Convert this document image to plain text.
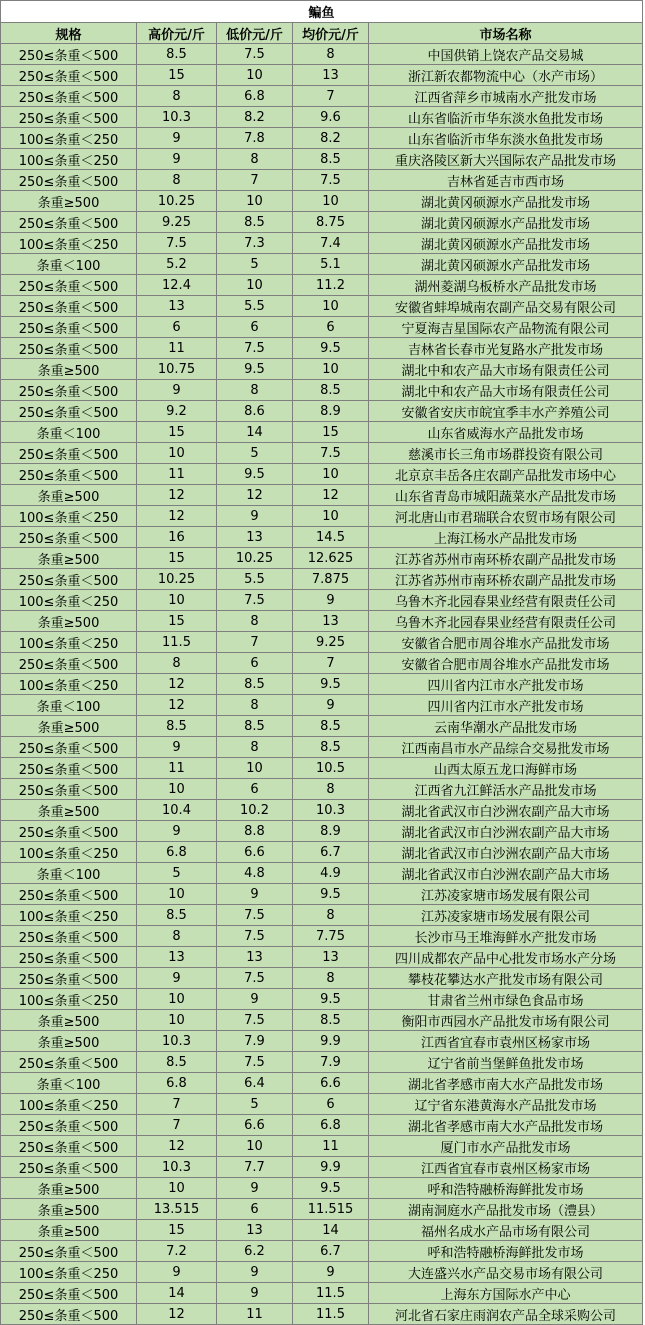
鳊鱼				
规格	高价元/斤	低价元/斤	均价元/斤	市场名称
250≤条重＜500	8.5	7.5	8	中国供销上饶农产品交易城
250≤条重＜500	15	10	13	浙江新农都物流中心（水产市场）
250≤条重＜500	8	6.8	7	江西省萍乡市城南水产批发市场
250≤条重＜500	10.3	8.2	9.6	山东省临沂市华东淡水鱼批发市场
100≤条重＜250	9	7.8	8.2	山东省临沂市华东淡水鱼批发市场
100≤条重＜250	9	8	8.5	重庆洛陵区新大兴国际农产品批发市场
250≤条重＜500	8	7	7.5	吉林省延吉市西市场
条重≥500	10.25	10	10	湖北黄冈硕源水产品批发市场
250≤条重＜500	9.25	8.5	8.75	湖北黄冈硕源水产品批发市场
100≤条重＜250	7.5	7.3	7.4	湖北黄冈硕源水产品批发市场
条重＜100	5.2	5	5.1	湖北黄冈硕源水产品批发市场
250≤条重＜500	12.4	10	11.2	湖州菱湖乌板桥水产品批发市场
250≤条重＜500	13	5.5	10	安徽省蚌埠城南农副产品交易有限公司
250≤条重＜500	6	6	6	宁夏海吉星国际农产品物流有限公司
250≤条重＜500	11	7.5	9.5	吉林省长春市光复路水产批发市场
条重≥500	10.75	9.5	10	湖北中和农产品大市场有限责任公司
250≤条重＜500	9	8	8.5	湖北中和农产品大市场有限责任公司
250≤条重＜500	9.2	8.6	8.9	安徽省安庆市皖宜季丰水产养殖公司
条重＜100	15	14	15	山东省威海水产品批发市场
250≤条重＜500	10	5	7.5	慈溪市长三角市场群投资有限公司
250≤条重＜500	11	9.5	10	北京京丰岳各庄农副产品批发市场中心
条重≥500	12	12	12	山东省青岛市城阳蔬菜水产品批发市场
100≤条重＜250	12	9	10	河北唐山市君瑞联合农贸市场有限公司
250≤条重＜500	16	13	14.5	上海江杨水产品批发市场
条重≥500	15	10.25	12.625	江苏省苏州市南环桥农副产品批发市场
250≤条重＜500	10.25	5.5	7.875	江苏省苏州市南环桥农副产品批发市场
100≤条重＜250	10	7.5	9	乌鲁木齐北园春果业经营有限责任公司
条重≥500	15	8	13	乌鲁木齐北园春果业经营有限责任公司
100≤条重＜250	11.5	7	9.25	安徽省合肥市周谷堆水产品批发市场
250≤条重＜500	8	6	7	安徽省合肥市周谷堆水产品批发市场
100≤条重＜250	12	8.5	9.5	四川省内江市水产批发市场
条重＜100	12	8	9	四川省内江市水产批发市场
条重≥500	8.5	8.5	8.5	云南华潮水产品批发市场
250≤条重＜500	9	8	8.5	江西南昌市水产品综合交易批发市场
250≤条重＜500	11	10	10.5	山西太原五龙口海鲜市场
250≤条重＜500	10	6	8	江西省九江鲜活水产品批发市场
条重≥500	10.4	10.2	10.3	湖北省武汉市白沙洲农副产品大市场
250≤条重＜500	9	8.8	8.9	湖北省武汉市白沙洲农副产品大市场
100≤条重＜250	6.8	6.6	6.7	湖北省武汉市白沙洲农副产品大市场
条重＜100	5	4.8	4.9	湖北省武汉市白沙洲农副产品大市场
250≤条重＜500	10	9	9.5	江苏凌家塘市场发展有限公司
100≤条重＜250	8.5	7.5	8	江苏凌家塘市场发展有限公司
250≤条重＜500	8	7.5	7.75	长沙市马王堆海鲜水产批发市场
250≤条重＜500	13	13	13	四川成都农产品中心批发市场水产分场
250≤条重＜500	9	7.5	8	攀枝花攀达水产批发市场有限公司
100≤条重＜250	10	9	9.5	甘肃省兰州市绿色食品市场
条重≥500	10	7.5	8.5	衡阳市西园水产品批发市场有限公司
条重≥500	10.3	7.9	9.9	江西省宜春市袁州区杨家市场
250≤条重＜500	8.5	7.5	7.9	辽宁省前当堡鲜鱼批发市场
条重＜100	6.8	6.4	6.6	湖北省孝感市南大水产品批发市场
100≤条重＜250	7	5	6	辽宁省东港黄海水产品批发市场
250≤条重＜500	7	6.6	6.8	湖北省孝感市南大水产品批发市场
250≤条重＜500	12	10	11	厦门市水产品批发市场
250≤条重＜500	10.3	7.7	9.9	江西省宜春市袁州区杨家市场
条重≥500	10	9	9.5	呼和浩特融桥海鲜批发市场
条重≥500	13.515	6	11.515	湖南洞庭水产品批发市场（澧县）
条重≥500	15	13	14	福州名成水产品市场有限公司
250≤条重＜500	7.2	6.2	6.7	呼和浩特融桥海鲜批发市场
100≤条重＜250	9	9	9	大连盛兴水产品交易市场有限公司
250≤条重＜500	14	9	11.5	上海东方国际水产中心
250≤条重＜500	12	11	11.5	河北省石家庄雨润农产品全球采购公司
